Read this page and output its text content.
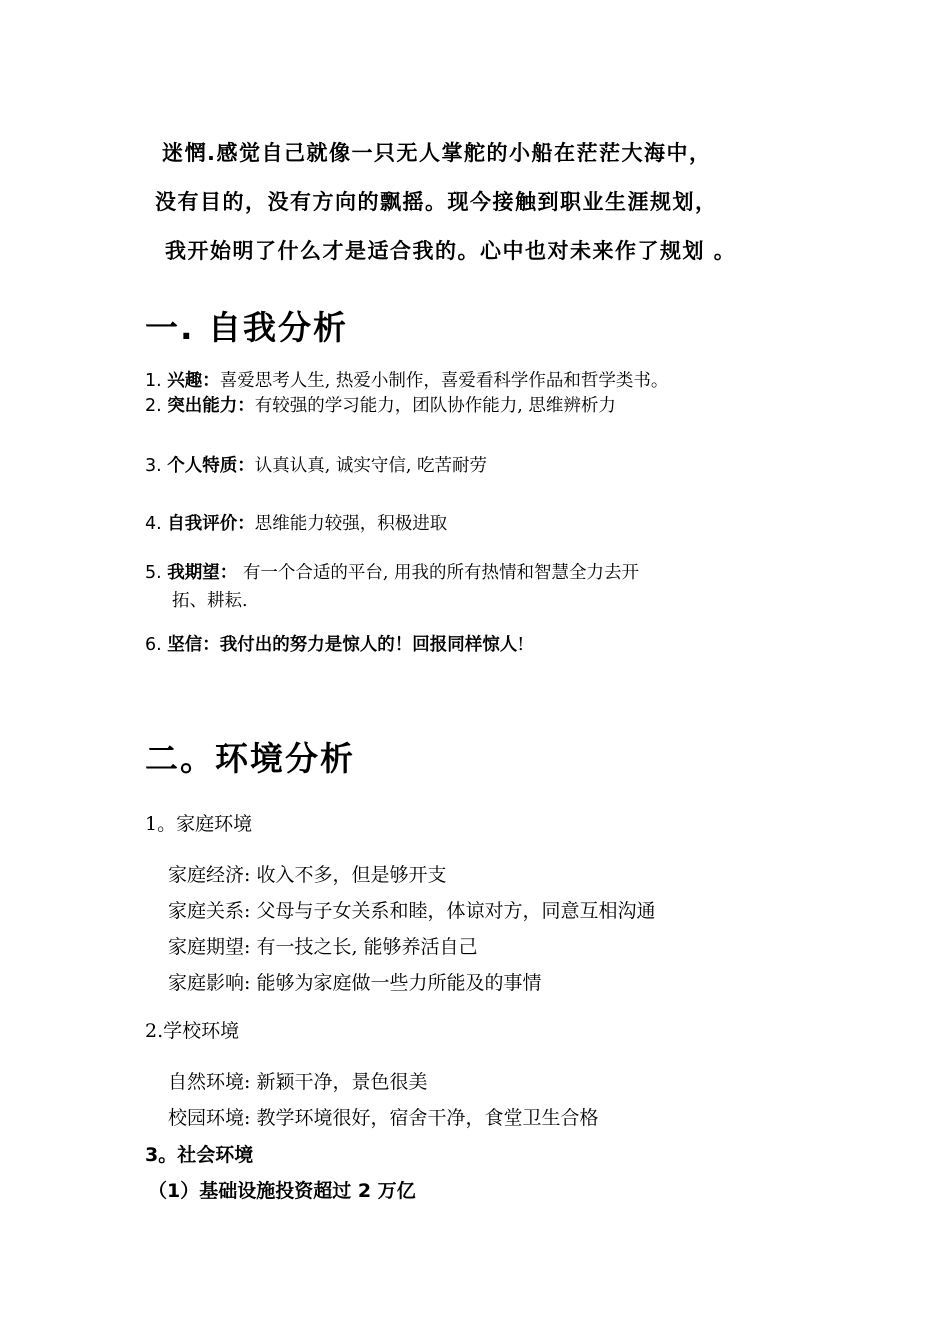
迷惘.感觉自己就像一只无人掌舵的小船在茫茫大海中，
没有目的，没有方向的飘摇。现今接触到职业生涯规划，
我开始明了什么才是适合我的。心中也对未来作了规划 。
一. 自我分析
1. 兴趣：喜爱思考人生, 热爱小制作，喜爱看科学作品和哲学类书。
2. 突出能力：有较强的学习能力，团队协作能力, 思维辨析力
3. 个人特质：认真认真, 诚实守信, 吃苦耐劳
4. 自我评价：思维能力较强，积极进取
5. 我期望： 有一个合适的平台, 用我的所有热情和智慧全力去开
拓、耕耘.
6. 坚信：我付出的努力是惊人的！回报同样惊人!
二。环境分析
1。家庭环境
家庭经济: 收入不多，但是够开支
家庭关系: 父母与子女关系和睦，体谅对方，同意互相沟通
家庭期望: 有一技之长, 能够养活自己
家庭影响: 能够为家庭做一些力所能及的事情
2.学校环境
自然环境: 新颖干净，景色很美
校园环境: 教学环境很好，宿舍干净，食堂卫生合格
3。社会环境
（1）基础设施投资超过 2 万亿
